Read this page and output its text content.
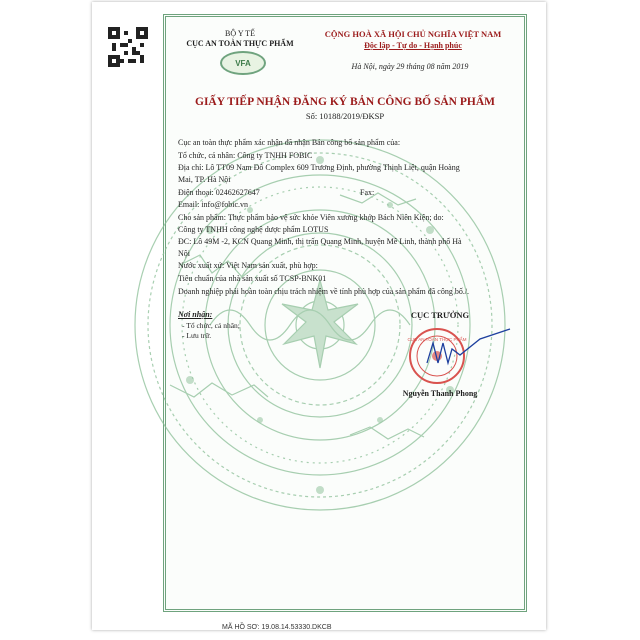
BỘ Y TẾ
CỤC AN TOÀN THỰC PHẨM
VFA
CỘNG HOÀ XÃ HỘI CHỦ NGHĨA VIỆT NAM
Độc lập - Tự do - Hạnh phúc
Hà Nội, ngày 29 tháng 08 năm 2019
GIẤY TIẾP NHẬN ĐĂNG KÝ BẢN CÔNG BỐ SẢN PHẨM
Số: 10188/2019/ĐKSP
Cục an toàn thực phẩm xác nhận đã nhận Bản công bố sản phẩm của:
Tổ chức, cá nhân: Công ty TNHH FOBIC
Địa chỉ: Lô TT09 Nam Đô Complex 609 Trương Định, phường Thịnh Liệt, quận Hoàng
Mai, TP. Hà Nội
Điện thoại: 02462627647	Fax:
Email: info@fobic.vn
Cho sản phẩm: Thực phẩm bảo vệ sức khỏe Viên xương khớp Bách Niên Kiện; do:
Công ty TNHH công nghệ dược phẩm LOTUS
ĐC: Lô 49M -2, KCN Quang Minh, thị trấn Quang Minh, huyện Mê Linh, thành phố Hà
Nội
Nước xuất xứ: Việt Nam sản xuất, phù hợp:
Tiêu chuẩn của nhà sản xuất số TCSP-BNK01
Doanh nghiệp phải hoàn toàn chịu trách nhiệm về tính phù hợp của sản phẩm đã công bố./.
Nơi nhận:
- Tổ chức, cá nhân;
- Lưu trữ.
CỤC TRƯỞNG
CỤC AN TOÀN THỰC PHẨM
Nguyễn Thanh Phong
MÃ HỒ SƠ: 19.08.14.53330.DKCB
